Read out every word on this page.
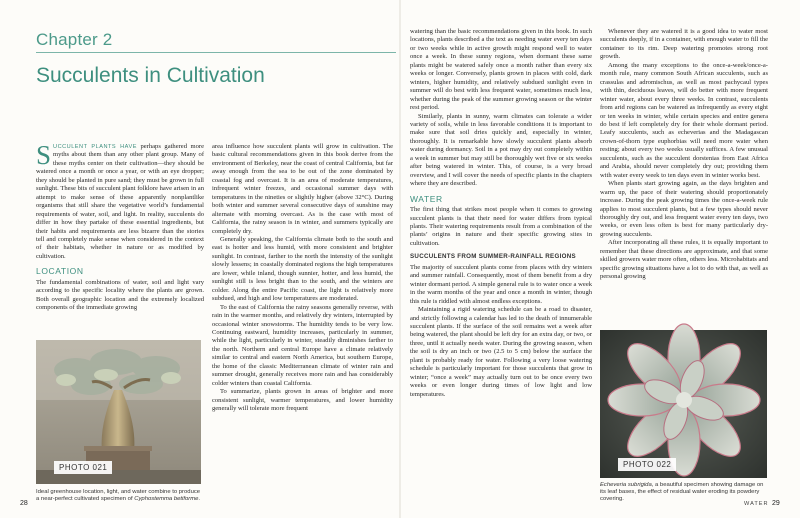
Chapter 2
Succulents in Cultivation

SUCCULENT PLANTS HAVE perhaps gathered more myths about them than any other plant group. Many of these myths center on their cultivation—they should be watered once a month or once a year, or with an eye dropper; they should be planted in pure sand; they must be grown in full sunlight. These bits of succulent plant folklore have arisen in an attempt to make sense of these apparently nonplantlike organisms that still share the vegetative world’s fundamental requirements of water, soil, and light. In reality, succulents do differ in how they partake of these essential ingredients, but their habits and requirements are less bizarre than the stories tell and completely make sense when considered in the context of their habitats, whether in nature or as modified by cultivation.

LOCATION

The fundamental combinations of water, soil and light vary according to the specific locality where the plants are grown. Both overall geographic location and the extremely localized components of the immediate growing

PHOTO 021
Ideal greenhouse location, light, and water combine to produce a near-perfect cultivated specimen of Cyphostemma betiforme.

area influence how succulent plants will grow in cultivation. The basic cultural recommendations given in this book derive from the environment of Berkeley, near the coast of central California, but far away enough from the sea to be out of the zone dominated by coastal fog and overcast. It is an area of moderate temperatures, infrequent winter freezes, and occasional summer days with temperatures in the nineties or slightly higher (above 32°C). During both winter and summer several consecutive days of sunshine may alternate with morning overcast. As is the case with most of California, the rainy season is in winter, and summers typically are completely dry.

Generally speaking, the California climate both to the south and east is hotter and less humid, with more consistent and brighter sunlight. In contrast, farther to the north the intensity of the sunlight slowly lessens; in coastally dominated regions the high temperatures are lower, while inland, though sunnier, hotter, and less humid, the sunlight still is less bright than to the south, and the winters are colder. Along the entire Pacific coast, the light is relatively more subdued, and high and low temperatures are moderated.

To the east of California the rainy seasons generally reverse, with rain in the warmer months, and relatively dry winters, interrupted by occasional winter snowstorms. The humidity tends to be very low. Continuing eastward, humidity increases, particularly in summer, while the light, particularly in winter, steadily diminishes farther to the north. Northern and central Europe have a climate relatively similar to central and eastern North America, but southern Europe, the home of the classic Mediterranean climate of winter rain and summer drought, generally receives more rain and has considerably colder winters than coastal California.

To summarize, plants grown in areas of brighter and more consistent sunlight, warmer temperatures, and lower humidity generally will tolerate more frequent

28

watering than the basic recommendations given in this book. In such locations, plants described a the text as needing water every ten days or two weeks while in active growth might respond well to water once a week. In these sunny regions, when dormant these same plants might be watered safely once a month rather than every six weeks or longer. Conversely, plants grown in places with cold, dark winters, higher humidity, and relatively subdued sunlight even in summer will do best with less frequent water, sometimes much less, whether during the peak of the summer growing season or the winter rest period.

Similarly, plants in sunny, warm climates can tolerate a wider variety of soils, while in less favorable conditions it is important to make sure that soil dries quickly and, especially in winter, thoroughly. It is remarkable how slowly succulent plants absorb water during dormancy. Soil in a pot may dry out completely within a week in summer but may still be thoroughly wet five or six weeks after being watered in winter. This, of course, is a very broad overview, and I will cover the needs of specific plants in the chapters where they are described.

WATER

The first thing that strikes most people when it comes to growing succulent plants is that their need for water differs from typical plants. Their watering requirements result from a combination of the plants’ origins in nature and their specific growing sites in cultivation.

SUCCULENTS FROM SUMMER-RAINFALL REGIONS

The majority of succulent plants come from places with dry winters and summer rainfall. Consequently, most of them benefit from a dry winter dormant period. A simple general rule is to water once a week in the warm months of the year and once a month in winter, though this rule is riddled with almost endless exceptions.

Maintaining a rigid watering schedule can be a road to disaster, and strictly following a calendar has led to the death of innumerable succulent plants. If the surface of the soil remains wet a week after being watered, the plant should be left dry for an extra day, or two, or three, until it actually needs water. During the growing season, when the soil is dry an inch or two (2.5 to 5 cm) below the surface the plant is probably ready for water. Following a very loose watering schedule is particularly important for those succulents that grow in winter; “once a week” may actually turn out to be once every two weeks or even longer during times of low light and low temperatures.

Whenever they are watered it is a good idea to water most succulents deeply, if in a container, with enough water to fill the container to its rim. Deep watering promotes strong root growth.

Among the many exceptions to the once-a-week/once-a-month rule, many common South African succulents, such as crassulas and adromischus, as well as most pachycaul types with thin, deciduous leaves, will do better with more frequent winter water, about every three weeks. In contrast, succulents from arid regions can be watered as infrequently as every eight or ten weeks in winter, while certain species and entire genera do best if left completely dry for their whole dormant period. Leafy succulents, such as echeverias and the Madagascan crown-of-thorn type euphorbias will need more water when resting; about every two weeks usually suffices. A few unusual succulents, such as the succulent dorstenias from East Africa and Arabia, should never completely dry out; providing them with water every week to ten days even in winter works best.

When plants start growing again, as the days brighten and warm up, the pace of their watering should proportionately increase. During the peak growing times the once-a-week rule applies to most succulent plants, but a few types should never thoroughly dry out, and less frequent water every ten days, two weeks, or even less often is best for many particularly dry-growing succulents.

After incorporating all these rules, it is equally important to remember that these directions are approximate, and that some skilled growers water more often, others less. Microhabitats and specific growing situations have a lot to do with that, as well as personal growing

PHOTO 022
Echeveria subrigida, a beautiful specimen showing damage on its leaf bases, the effect of residual water eroding its powdery covering.
WATER 29
